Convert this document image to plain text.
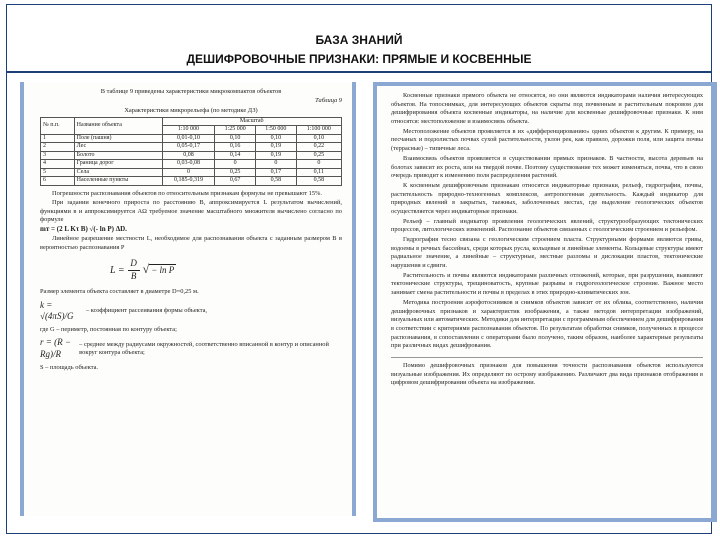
БАЗА ЗНАНИЙ
ДЕШИФРОВОЧНЫЕ ПРИЗНАКИ: ПРЯМЫЕ И КОСВЕННЫЕ

В таблице 9 приведены характеристики микрокомпактов объектов

Таблица 9

Характеристики микрорельефа (по методике ДЗ)

№ п.п.	Название объекта	Масштаб			
		1:10 000	1:25 000	1:50 000	1:100 000
1	Поле (пашня)	0,01-0,10	0,10	0,10	0,10
2	Лес	0,05-0,17	0,16	0,19	0,22
3	Болото	0,08	0,14	0,19	0,25
4	Граница дорог	0,03-0,08	0	0	0
5	Села	0	0,25	0,17	0,11
6	Населенные пункты	0,185-0,319	0,67	0,58	0,58

Погрешности распознавания объектов по относительным признакам формулы не превышают 15%.

При задании конечного прироста по расстоянию B, аппроксимируется L результатом вычислений, функциями в и аппроксимируется АΩ требуемое значение масштабного множителя вычислено согласно по формуле

mт = (2 L Kτ B) √(- ln P) ΔD.

Линейное разрешение местности L, необходимое для распознавания объекта с заданным размером B в вероятностью распознавания P

$L = \frac{D}{B}$ √ − ln P

Размер элемента объекта составляет в диаметре D=0,25 м.

k = √(4πS)/G
– коэффициент рассеивания формы объекта,

где G – периметр, постоянная по контуру объекта;

r = (R − Rg)/R
– среднее между радиусами окружностей, соответственно вписанной в контур и описанной вокруг контура объекта;

S – площадь объекта.

Косвенные признаки прямого объекта не относятся, но они являются индикаторами наличия интересующих объектов. На топоснимках, для интересующих объектов скрыты под почвенным и растительным покровом для дешифрирования объекта косвенные индикаторы, на наличие для косвенные дешифровочные признаки. К ним относятся: местоположение и взаимосвязь объекта.

Местоположение объектов проявляется в их «дифференцированию» одних объектов к другим. К примеру, на песчаных и подзолистых почвах сухой растительности, уклон рек, как правило, дорожки поля, или защита почвы (террасные) – типичные леса.

Взаимосвязь объектов проявляется в существовании прямых признаков. В частности, высота деревьев на болотах зависит их роста, или на твердой почве. Поэтому существование тех может изменяться, почва, что в свою очередь приводит к изменению поля распределения растений.

К косвенным дешифровочным признакам относятся индикаторные признаки, рельеф, гидрография, почвы, растительность природно-техногенных комплексов, антропогенная деятельность. Каждый индикатор для природных явлений в закрытых, таежных, заболоченных местах, где выделение геологических объектов осуществляется через индикаторные признаки.

Рельеф – главный индикатор проявления геологических явлений, структурообразующих тектонических процессов, литологических изменений. Распознание объектов связанных с геологическим строением и рельефом.

Гидрография тесно связана с геологическим строением пласта. Структурными формами являются гривы, водоемы в речных бассейнах, среди которых русла, кольцевые и линейные элементы. Кольцевые структуры имеют радиальное значение, а линейные – структурные, местные разломы и дислокации пластов, тектонические нарушения и сдвиги.

Растительность и почвы являются индикаторами различных отложений, которые, при разрушении, выявляют тектонические структуры, трещиноватость, крупные разрывы и гидрогеологическое строение. Важное место занимает смена растительности и почвы в пределах в этих природно-климатических зон.

Методика построения аэрофотоснимков и снимков объектов зависит от их облика, соответственно, наличия дешифровочных признаков и характеристик изображения, а также методов интерпретации изображений, визуальных или автоматических. Методики для интерпретации с программным обеспечением для дешифрирования в соответствии с критериями распознавания объектов. По результатам обработки снимков, полученных в процессе распознавания, в сопоставлении с операторами было получено, таким образом, наиболее характерные результаты при различных видах дешифрования.

Помимо дешифровочных признаков для повышения точности распознавания объектов используются визуальные изображения. Их определяют по острому изображению. Различают два вида признаков отображения в цифровом дешифрировании объекта на изображении.
